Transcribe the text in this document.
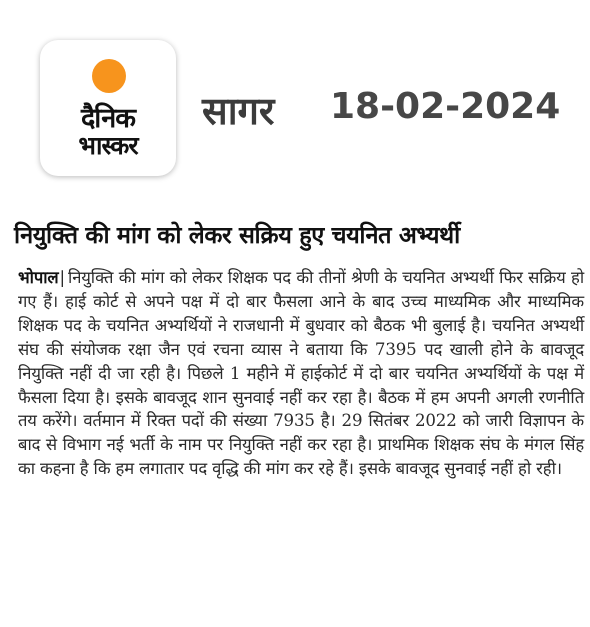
दैनिक
भास्कर
सागर 18-02-2024
नियुक्ति की मांग को लेकर सक्रिय हुए चयनित अभ्यर्थी
भोपाल| नियुक्ति की मांग को लेकर शिक्षक पद की तीनों श्रेणी के चयनित अभ्यर्थी फिर सक्रिय हो गए हैं। हाई कोर्ट से अपने पक्ष में दो बार फैसला आने के बाद उच्च माध्यमिक और माध्यमिक शिक्षक पद के चयनित अभ्यर्थियों ने राजधानी में बुधवार को बैठक भी बुलाई है। चयनित अभ्यर्थी संघ की संयोजक रक्षा जैन एवं रचना व्यास ने बताया कि 7395 पद खाली होने के बावजूद नियुक्ति नहीं दी जा रही है। पिछले 1 महीने में हाईकोर्ट में दो बार चयनित अभ्यर्थियों के पक्ष में फैसला दिया है। इसके बावजूद शान सुनवाई नहीं कर रहा है। बैठक में हम अपनी अगली रणनीति तय करेंगे। वर्तमान में रिक्त पदों की संख्या 7935 है। 29 सितंबर 2022 को जारी विज्ञापन के बाद से विभाग नई भर्ती के नाम पर नियुक्ति नहीं कर रहा है। प्राथमिक शिक्षक संघ के मंगल सिंह का कहना है कि हम लगातार पद वृद्धि की मांग कर रहे हैं। इसके बावजूद सुनवाई नहीं हो रही।
